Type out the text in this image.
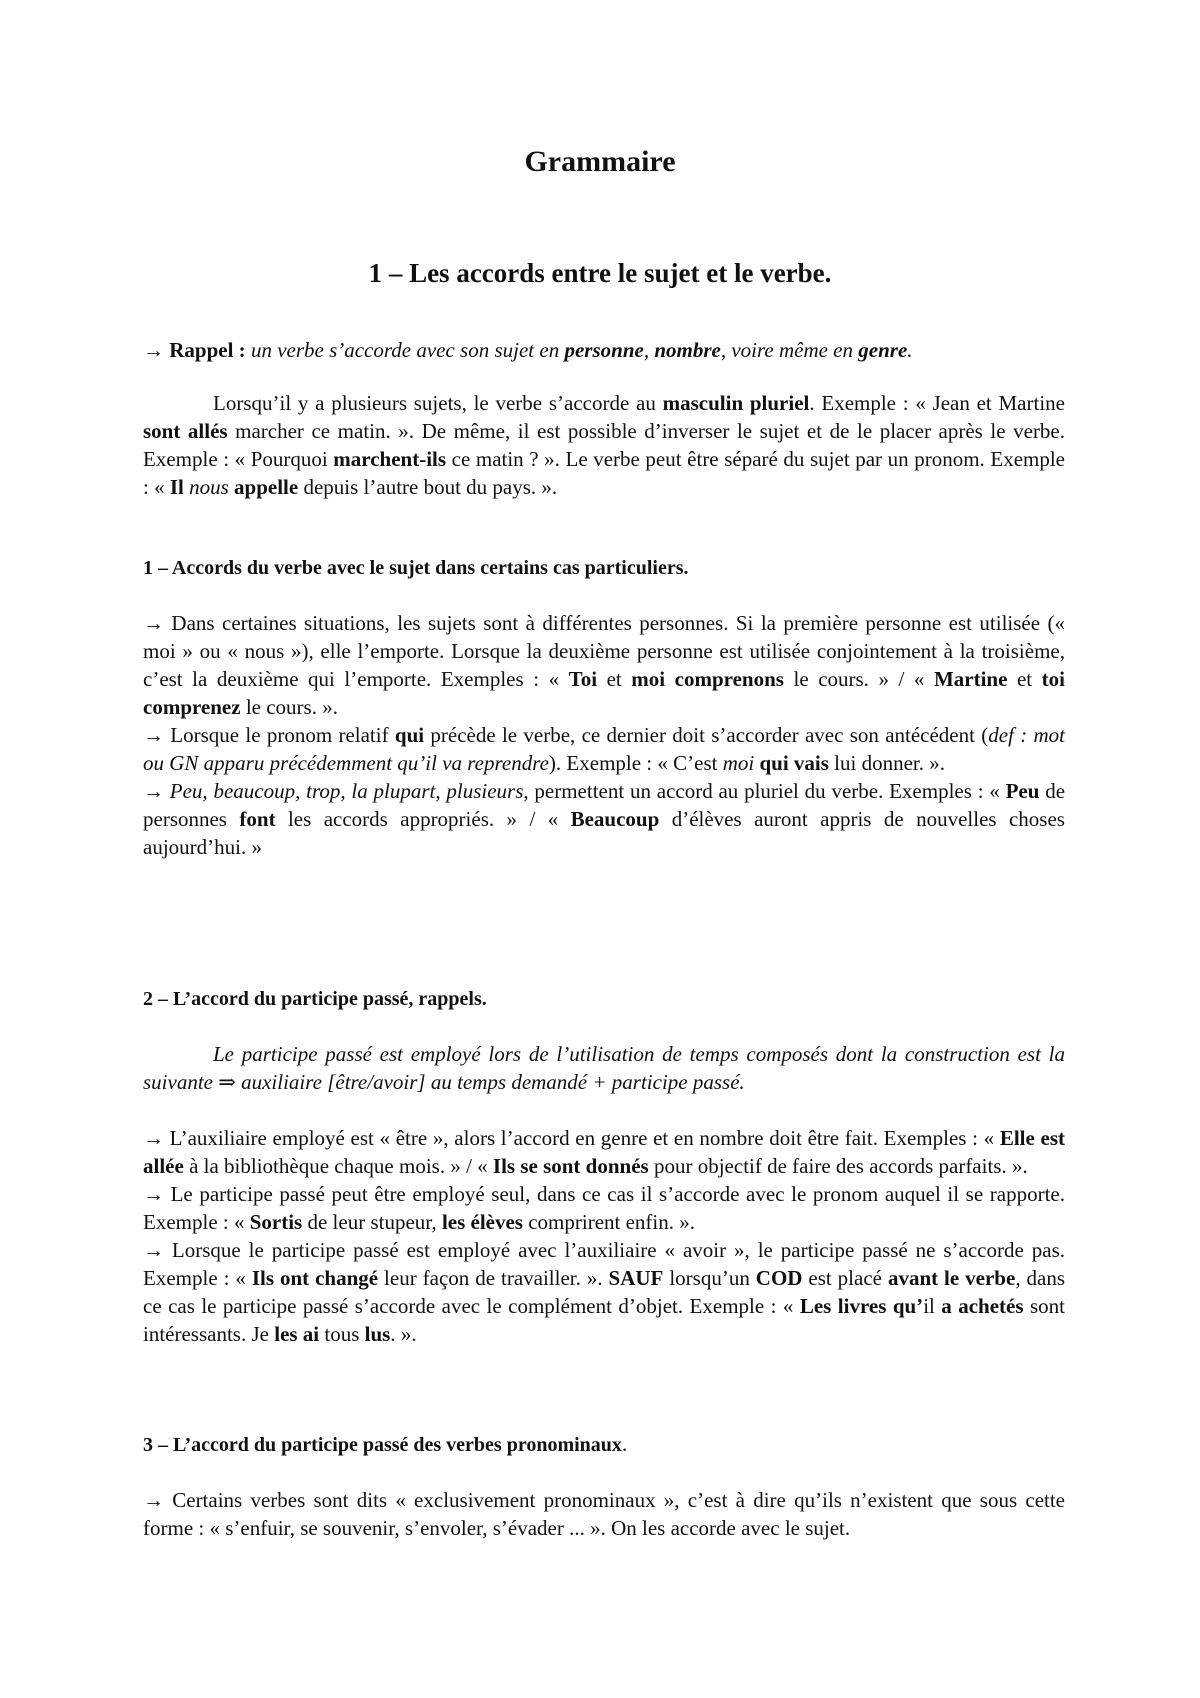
Grammaire
1 – Les accords entre le sujet et le verbe.

→ Rappel : un verbe s’accorde avec son sujet en personne, nombre, voire même en genre.

Lorsqu’il y a plusieurs sujets, le verbe s’accorde au masculin pluriel. Exemple : « Jean et Martine sont allés marcher ce matin. ». De même, il est possible d’inverser le sujet et de le placer après le verbe. Exemple : « Pourquoi marchent-ils ce matin ? ». Le verbe peut être séparé du sujet par un pronom. Exemple : « Il nous appelle depuis l’autre bout du pays. ».

1 – Accords du verbe avec le sujet dans certains cas particuliers.

→ Dans certaines situations, les sujets sont à différentes personnes. Si la première personne est utilisée (« moi » ou « nous »), elle l’emporte. Lorsque la deuxième personne est utilisée conjointement à la troisième, c’est la deuxième qui l’emporte. Exemples : « Toi et moi comprenons le cours. » / « Martine et toi comprenez le cours. ».

→ Lorsque le pronom relatif qui précède le verbe, ce dernier doit s’accorder avec son antécédent (def : mot ou GN apparu précédemment qu’il va reprendre). Exemple : « C’est moi qui vais lui donner. ».

→ Peu, beaucoup, trop, la plupart, plusieurs, permettent un accord au pluriel du verbe. Exemples : « Peu de personnes font les accords appropriés. » / « Beaucoup d’élèves auront appris de nouvelles choses aujourd’hui. »

2 – L’accord du participe passé, rappels.

Le participe passé est employé lors de l’utilisation de temps composés dont la construction est la suivante ⇒ auxiliaire [être/avoir] au temps demandé + participe passé.

→ L’auxiliaire employé est « être », alors l’accord en genre et en nombre doit être fait. Exemples : « Elle est allée à la bibliothèque chaque mois. » / « Ils se sont donnés pour objectif de faire des accords parfaits. ».

→ Le participe passé peut être employé seul, dans ce cas il s’accorde avec le pronom auquel il se rapporte. Exemple : « Sortis de leur stupeur, les élèves comprirent enfin. ».

→ Lorsque le participe passé est employé avec l’auxiliaire « avoir », le participe passé ne s’accorde pas. Exemple : « Ils ont changé leur façon de travailler. ». SAUF lorsqu’un COD est placé avant le verbe, dans ce cas le participe passé s’accorde avec le complément d’objet. Exemple : « Les livres qu’il a achetés sont intéressants. Je les ai tous lus. ».

3 – L’accord du participe passé des verbes pronominaux.

→ Certains verbes sont dits « exclusivement pronominaux », c’est à dire qu’ils n’existent que sous cette forme : « s’enfuir, se souvenir, s’envoler, s’évader ... ». On les accorde avec le sujet.
